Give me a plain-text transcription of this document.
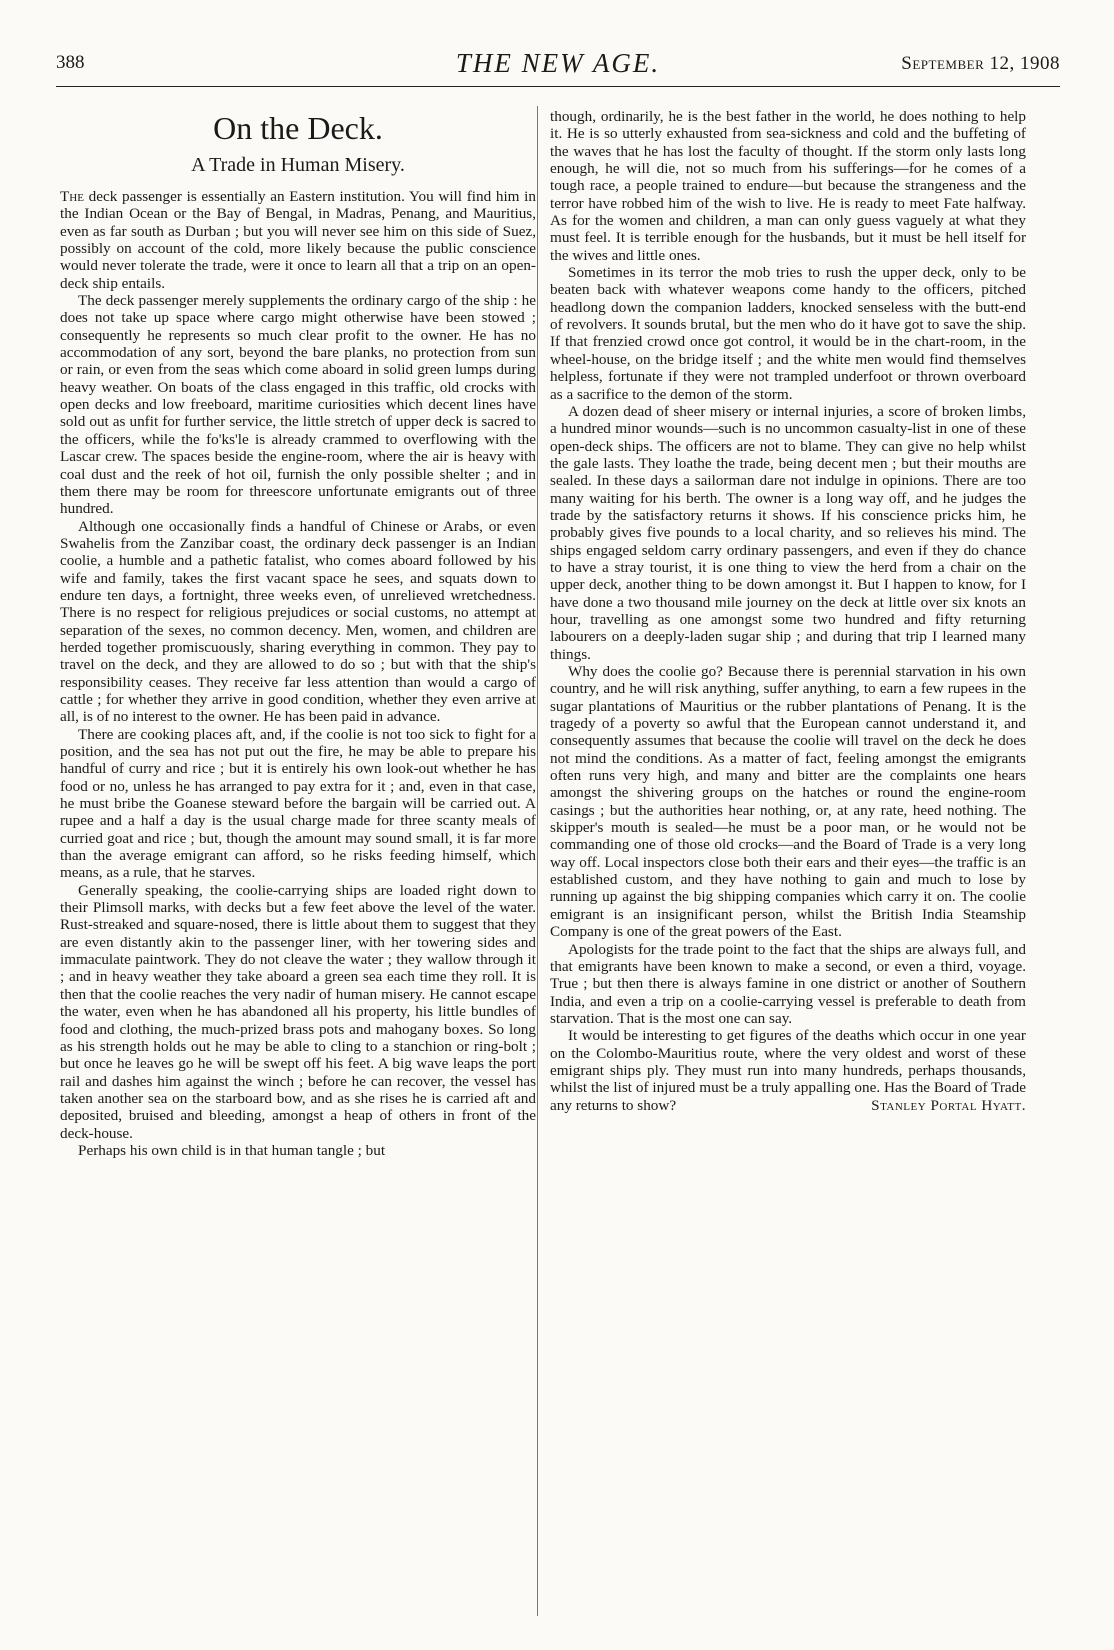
388	THE NEW AGE.	September 12, 1908
On the Deck.
A Trade in Human Misery.

The deck passenger is essentially an Eastern institution. You will find him in the Indian Ocean or the Bay of Bengal, in Madras, Penang, and Mauritius, even as far south as Durban ; but you will never see him on this side of Suez, possibly on account of the cold, more likely because the public conscience would never tolerate the trade, were it once to learn all that a trip on an open-deck ship entails.

The deck passenger merely supplements the ordinary cargo of the ship : he does not take up space where cargo might otherwise have been stowed ; consequently he represents so much clear profit to the owner. He has no accommodation of any sort, beyond the bare planks, no protection from sun or rain, or even from the seas which come aboard in solid green lumps during heavy weather. On boats of the class engaged in this traffic, old crocks with open decks and low freeboard, maritime curiosities which decent lines have sold out as unfit for further service, the little stretch of upper deck is sacred to the officers, while the fo'ks'le is already crammed to overflowing with the Lascar crew. The spaces beside the engine-room, where the air is heavy with coal dust and the reek of hot oil, furnish the only possible shelter ; and in them there may be room for threescore unfortunate emigrants out of three hundred.

Although one occasionally finds a handful of Chinese or Arabs, or even Swahelis from the Zanzibar coast, the ordinary deck passenger is an Indian coolie, a humble and a pathetic fatalist, who comes aboard followed by his wife and family, takes the first vacant space he sees, and squats down to endure ten days, a fortnight, three weeks even, of unrelieved wretchedness. There is no respect for religious prejudices or social customs, no attempt at separation of the sexes, no common decency. Men, women, and children are herded together promiscuously, sharing everything in common. They pay to travel on the deck, and they are allowed to do so ; but with that the ship's responsibility ceases. They receive far less attention than would a cargo of cattle ; for whether they arrive in good condition, whether they even arrive at all, is of no interest to the owner. He has been paid in advance.

There are cooking places aft, and, if the coolie is not too sick to fight for a position, and the sea has not put out the fire, he may be able to prepare his handful of curry and rice ; but it is entirely his own look-out whether he has food or no, unless he has arranged to pay extra for it ; and, even in that case, he must bribe the Goanese steward before the bargain will be carried out. A rupee and a half a day is the usual charge made for three scanty meals of curried goat and rice ; but, though the amount may sound small, it is far more than the average emigrant can afford, so he risks feeding himself, which means, as a rule, that he starves.

Generally speaking, the coolie-carrying ships are loaded right down to their Plimsoll marks, with decks but a few feet above the level of the water. Rust-streaked and square-nosed, there is little about them to suggest that they are even distantly akin to the passenger liner, with her towering sides and immaculate paintwork. They do not cleave the water ; they wallow through it ; and in heavy weather they take aboard a green sea each time they roll. It is then that the coolie reaches the very nadir of human misery. He cannot escape the water, even when he has abandoned all his property, his little bundles of food and clothing, the much-prized brass pots and mahogany boxes. So long as his strength holds out he may be able to cling to a stanchion or ring-bolt ; but once he leaves go he will be swept off his feet. A big wave leaps the port rail and dashes him against the winch ; before he can recover, the vessel has taken another sea on the starboard bow, and as she rises he is carried aft and deposited, bruised and bleeding, amongst a heap of others in front of the deck-house.

Perhaps his own child is in that human tangle ; but

though, ordinarily, he is the best father in the world, he does nothing to help it. He is so utterly exhausted from sea-sickness and cold and the buffeting of the waves that he has lost the faculty of thought. If the storm only lasts long enough, he will die, not so much from his sufferings—for he comes of a tough race, a people trained to endure—but because the strangeness and the terror have robbed him of the wish to live. He is ready to meet Fate halfway. As for the women and children, a man can only guess vaguely at what they must feel. It is terrible enough for the husbands, but it must be hell itself for the wives and little ones.

Sometimes in its terror the mob tries to rush the upper deck, only to be beaten back with whatever weapons come handy to the officers, pitched headlong down the companion ladders, knocked senseless with the butt-end of revolvers. It sounds brutal, but the men who do it have got to save the ship. If that frenzied crowd once got control, it would be in the chart-room, in the wheel-house, on the bridge itself ; and the white men would find themselves helpless, fortunate if they were not trampled underfoot or thrown overboard as a sacrifice to the demon of the storm.

A dozen dead of sheer misery or internal injuries, a score of broken limbs, a hundred minor wounds—such is no uncommon casualty-list in one of these open-deck ships. The officers are not to blame. They can give no help whilst the gale lasts. They loathe the trade, being decent men ; but their mouths are sealed. In these days a sailorman dare not indulge in opinions. There are too many waiting for his berth. The owner is a long way off, and he judges the trade by the satisfactory returns it shows. If his conscience pricks him, he probably gives five pounds to a local charity, and so relieves his mind. The ships engaged seldom carry ordinary passengers, and even if they do chance to have a stray tourist, it is one thing to view the herd from a chair on the upper deck, another thing to be down amongst it. But I happen to know, for I have done a two thousand mile journey on the deck at little over six knots an hour, travelling as one amongst some two hundred and fifty returning labourers on a deeply-laden sugar ship ; and during that trip I learned many things.

Why does the coolie go? Because there is perennial starvation in his own country, and he will risk anything, suffer anything, to earn a few rupees in the sugar plantations of Mauritius or the rubber plantations of Penang. It is the tragedy of a poverty so awful that the European cannot understand it, and consequently assumes that because the coolie will travel on the deck he does not mind the conditions. As a matter of fact, feeling amongst the emigrants often runs very high, and many and bitter are the complaints one hears amongst the shivering groups on the hatches or round the engine-room casings ; but the authorities hear nothing, or, at any rate, heed nothing. The skipper's mouth is sealed—he must be a poor man, or he would not be commanding one of those old crocks—and the Board of Trade is a very long way off. Local inspectors close both their ears and their eyes—the traffic is an established custom, and they have nothing to gain and much to lose by running up against the big shipping companies which carry it on. The coolie emigrant is an insignificant person, whilst the British India Steamship Company is one of the great powers of the East.

Apologists for the trade point to the fact that the ships are always full, and that emigrants have been known to make a second, or even a third, voyage. True ; but then there is always famine in one district or another of Southern India, and even a trip on a coolie-carrying vessel is preferable to death from starvation. That is the most one can say.

It would be interesting to get figures of the deaths which occur in one year on the Colombo-Mauritius route, where the very oldest and worst of these emigrant ships ply. They must run into many hundreds, perhaps thousands, whilst the list of injured must be a truly appalling one. Has the Board of Trade any returns to show?	Stanley Portal Hyatt.
